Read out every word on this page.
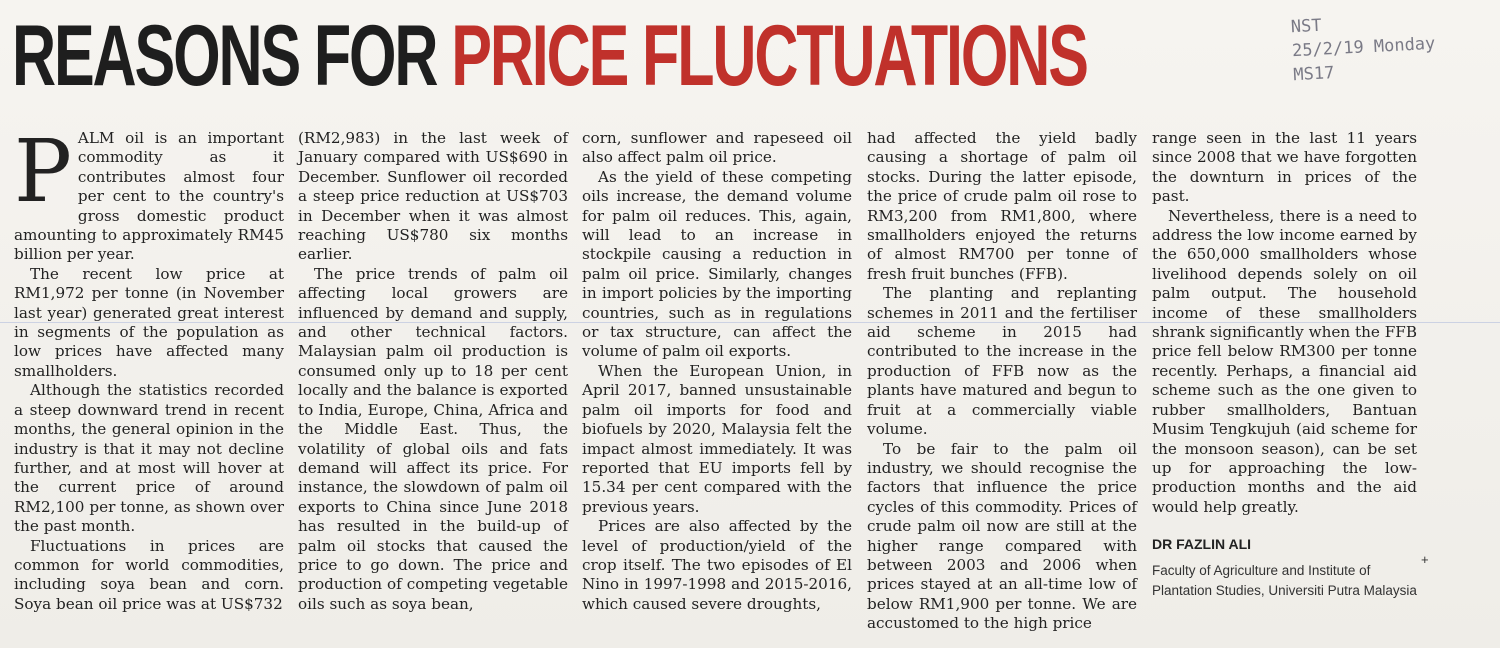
REASONS FOR PRICE FLUCTUATIONS	NST
25/2/19 Monday
MS17

PALM oil is an important commodity as it contributes almost four per cent to the country's gross domestic product amounting to approximately RM45 billion per year.

The recent low price at RM1,972 per tonne (in November last year) generated great interest in segments of the population as low prices have affected many smallholders.

Although the statistics recorded a steep downward trend in recent months, the general opinion in the industry is that it may not decline further, and at most will hover at the current price of around RM2,100 per tonne, as shown over the past month.

Fluctuations in prices are common for world commodities, including soya bean and corn. Soya bean oil price was at US$732

(RM2,983) in the last week of January compared with US$690 in December. Sunflower oil recorded a steep price reduction at US$703 in December when it was almost reaching US$780 six months earlier.

The price trends of palm oil affecting local growers are influenced by demand and supply, and other technical factors. Malaysian palm oil production is consumed only up to 18 per cent locally and the balance is exported to India, Europe, China, Africa and the Middle East. Thus, the volatility of global oils and fats demand will affect its price. For instance, the slowdown of palm oil exports to China since June 2018 has resulted in the build-up of palm oil stocks that caused the price to go down. The price and production of competing vegetable oils such as soya bean,

corn, sunflower and rapeseed oil also affect palm oil price.

As the yield of these competing oils increase, the demand volume for palm oil reduces. This, again, will lead to an increase in stockpile causing a reduction in palm oil price. Similarly, changes in import policies by the importing countries, such as in regulations or tax structure, can affect the volume of palm oil exports.

When the European Union, in April 2017, banned unsustainable palm oil imports for food and biofuels by 2020, Malaysia felt the impact almost immediately. It was reported that EU imports fell by 15.34 per cent compared with the previous years.

Prices are also affected by the level of production/yield of the crop itself. The two episodes of El Nino in 1997-1998 and 2015-2016, which caused severe droughts,

had affected the yield badly causing a shortage of palm oil stocks. During the latter episode, the price of crude palm oil rose to RM3,200 from RM1,800, where smallholders enjoyed the returns of almost RM700 per tonne of fresh fruit bunches (FFB).

The planting and replanting schemes in 2011 and the fertiliser aid scheme in 2015 had contributed to the increase in the production of FFB now as the plants have matured and begun to fruit at a commercially viable volume.

To be fair to the palm oil industry, we should recognise the factors that influence the price cycles of this commodity. Prices of crude palm oil now are still at the higher range compared with between 2003 and 2006 when prices stayed at an all-time low of below RM1,900 per tonne. We are accustomed to the high price

range seen in the last 11 years since 2008 that we have forgotten the downturn in prices of the past.

Nevertheless, there is a need to address the low income earned by the 650,000 smallholders whose livelihood depends solely on oil palm output. The household income of these smallholders shrank significantly when the FFB price fell below RM300 per tonne recently. Perhaps, a financial aid scheme such as the one given to rubber smallholders, Bantuan Musim Tengkujuh (aid scheme for the monsoon season), can be set up for approaching the low-production months and the aid would help greatly.

DR FAZLIN ALI
Faculty of Agriculture and Institute of Plantation Studies, Universiti Putra Malaysia
+
